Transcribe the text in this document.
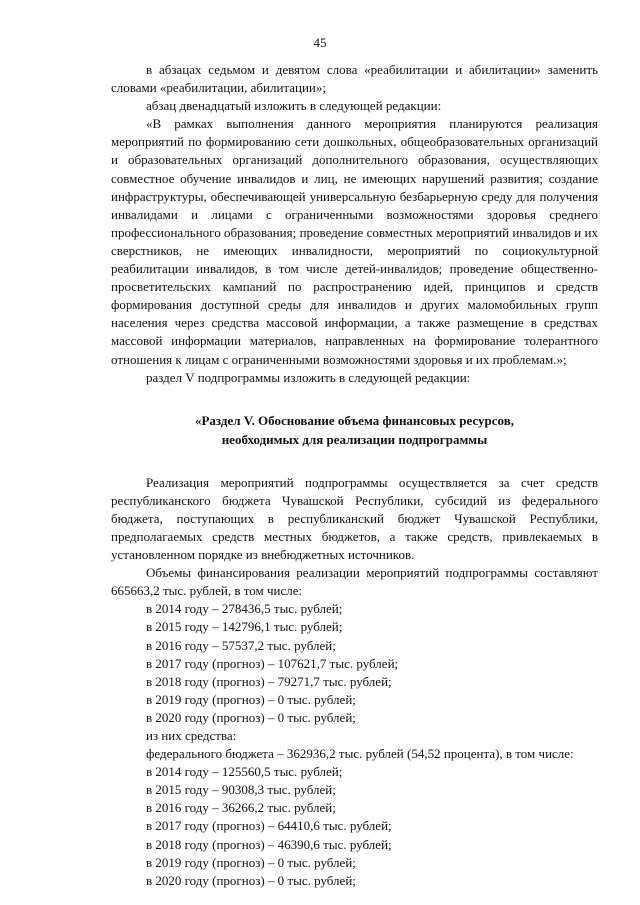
45

в абзацах седьмом и девятом слова «реабилитации и абилитации» заменить словами «реабилитации, абилитации»;

абзац двенадцатый изложить в следующей редакции:

«В рамках выполнения данного мероприятия планируются реализация мероприятий по формированию сети дошкольных, общеобразовательных организаций и образовательных организаций дополнительного образования, осуществляющих совместное обучение инвалидов и лиц, не имеющих нарушений развития; создание инфраструктуры, обеспечивающей универсальную безбарьерную среду для получения инвалидами и лицами с ограниченными возможностями здоровья среднего профессионального образования; проведение совместных мероприятий инвалидов и их сверстников, не имеющих инвалидности, мероприятий по социокультурной реабилитации инвалидов, в том числе детей-инвалидов; проведение общественно-просветительских кампаний по распространению идей, принципов и средств формирования доступной среды для инвалидов и других маломобильных групп населения через средства массовой информации, а также размещение в средствах массовой информации материалов, направленных на формирование толерантного отношения к лицам с ограниченными возможностями здоровья и их проблемам.»;

раздел V подпрограммы изложить в следующей редакции:

«Раздел V. Обоснование объема финансовых ресурсов,
необходимых для реализации подпрограммы

Реализация мероприятий подпрограммы осуществляется за счет средств республиканского бюджета Чувашской Республики, субсидий из федерального бюджета, поступающих в республиканский бюджет Чувашской Республики, предполагаемых средств местных бюджетов, а также средств, привлекаемых в установленном порядке из внебюджетных источников.

Объемы финансирования реализации мероприятий подпрограммы составляют 665663,2 тыс. рублей, в том числе:

в 2014 году – 278436,5 тыс. рублей;

в 2015 году – 142796,1 тыс. рублей;

в 2016 году – 57537,2 тыс. рублей;

в 2017 году (прогноз) – 107621,7 тыс. рублей;

в 2018 году (прогноз) – 79271,7 тыс. рублей;

в 2019 году (прогноз) – 0 тыс. рублей;

в 2020 году (прогноз) – 0 тыс. рублей;

из них средства:

федерального бюджета – 362936,2 тыс. рублей (54,52 процента), в том числе:

в 2014 году – 125560,5 тыс. рублей;

в 2015 году – 90308,3 тыс. рублей;

в 2016 году – 36266,2 тыс. рублей;

в 2017 году (прогноз) – 64410,6 тыс. рублей;

в 2018 году (прогноз) – 46390,6 тыс. рублей;

в 2019 году (прогноз) – 0 тыс. рублей;

в 2020 году (прогноз) – 0 тыс. рублей;
